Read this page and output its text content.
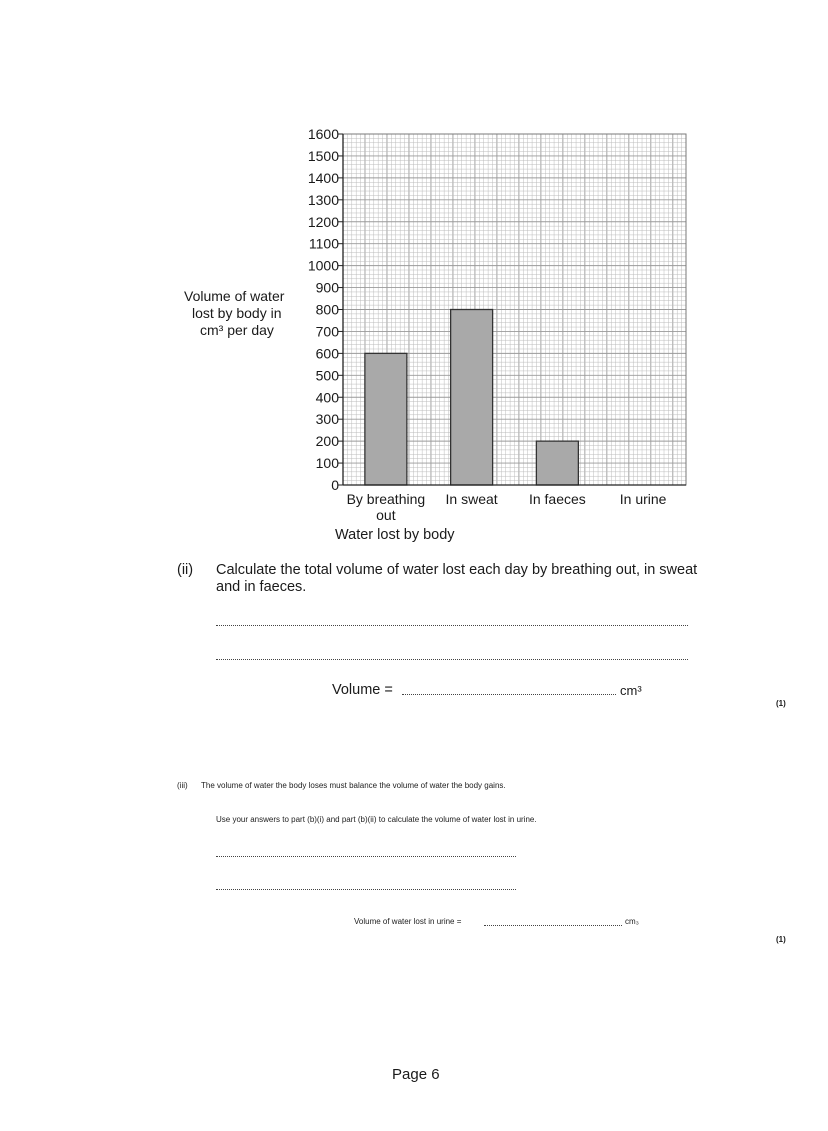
0
100
200
300
400
500
600
700
800
900
1000
1100
1200
1300
1400
1500
1600
By breathing
out
In sweat In faeces In urine
Volume of water
lost by body in
cm³ per day
Water lost by body
(ii) Calculate the total volume of water lost each day by breathing out, in sweat
and in faeces.
Volume =	cm³
(1)
(iii) The volume of water the body loses must balance the volume of water the body gains.
Use your answers to part (b)(i) and part (b)(ii) to calculate the volume of water lost in urine.
Volume of water lost in urine =	cm₃
(1)
Page 6
